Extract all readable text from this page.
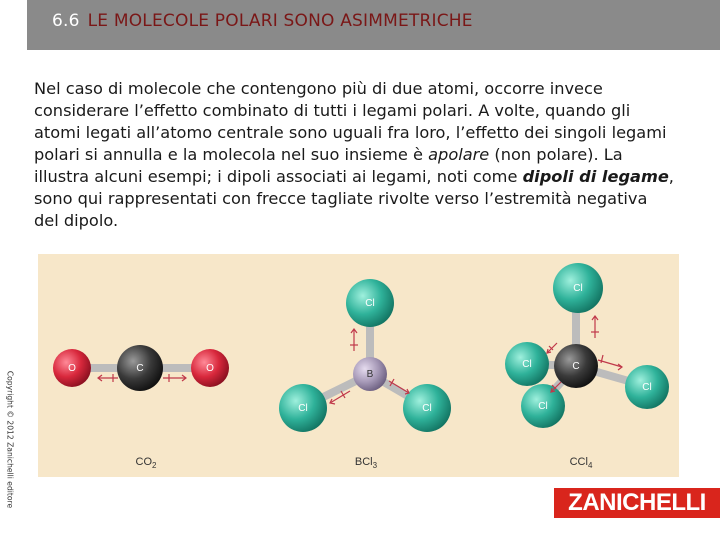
6.6 LE MOLECOLE POLARI SONO ASIMMETRICHE

Nel caso di molecole che contengono più di due atomi, occorre invece considerare l’effetto combinato di tutti i legami polari. A volte, quando gli atomi legati all’atomo centrale sono uguali fra loro, l’effetto dei singoli legami polari si annulla e la molecola nel suo insieme è apolare (non polare). La illustra alcuni esempi; i dipoli associati ai legami, noti come dipoli di legame, sono qui rappresentati con frecce tagliate rivolte verso l’estremità negativa del dipolo.

Copyright © 2012 Zanichelli editore
O	C	O
$CO_2$
Cl
B
Cl	Cl
BCl$_3$
Cl
Cl	C
Cl
Cl
CCl$_4$
ZANICHELLI
